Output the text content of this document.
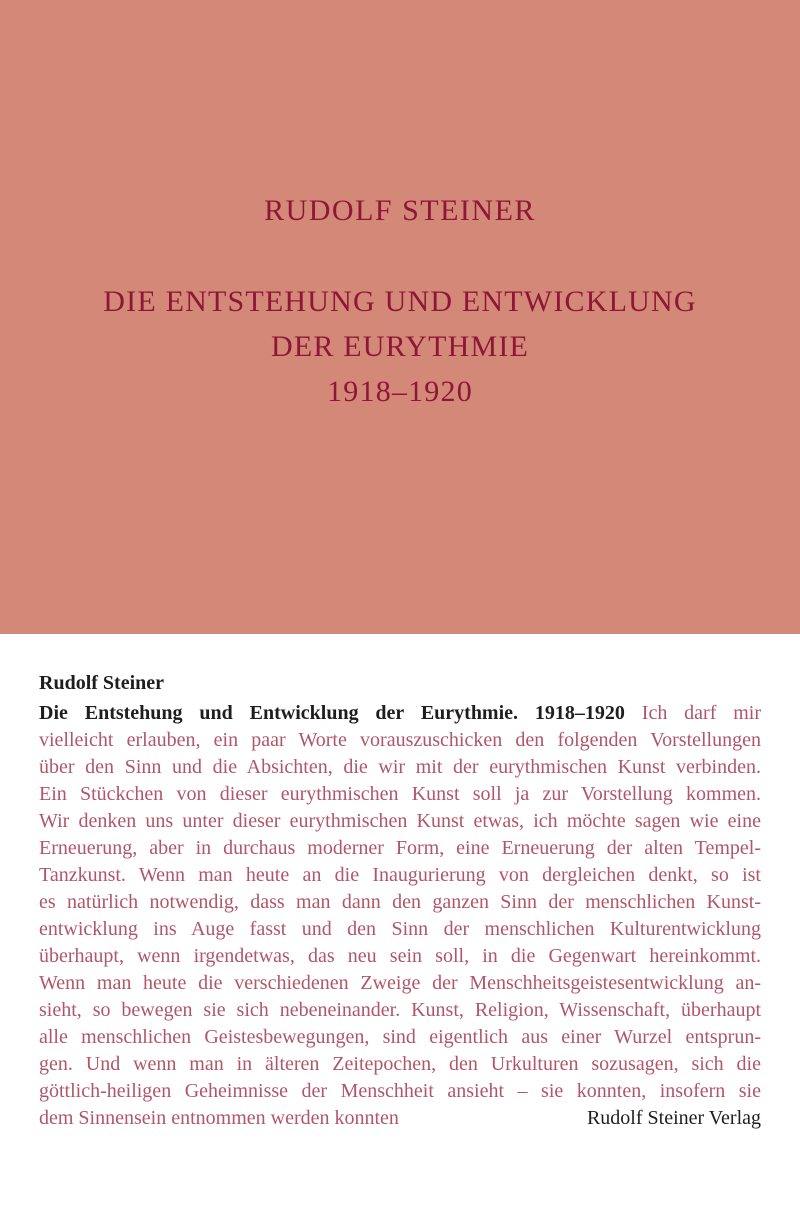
RUDOLF STEINER
DIE ENTSTEHUNG UND ENTWICKLUNG
DER EURYTHMIE
1918–1920
Rudolf Steiner
Die Entstehung und Entwicklung der Eurythmie. 1918–1920 Ich darf mir
vielleicht erlauben, ein paar Worte vorauszuschicken den folgenden Vorstellungen
über den Sinn und die Absichten, die wir mit der eurythmischen Kunst verbinden.
Ein Stückchen von dieser eurythmischen Kunst soll ja zur Vorstellung kommen.
Wir denken uns unter dieser eurythmischen Kunst etwas, ich möchte sagen wie eine
Erneuerung, aber in durchaus moderner Form, eine Erneuerung der alten Tempel-
Tanzkunst. Wenn man heute an die Inaugurierung von dergleichen denkt, so ist
es natürlich notwendig, dass man dann den ganzen Sinn der menschlichen Kunst-
entwicklung ins Auge fasst und den Sinn der menschlichen Kulturentwicklung
überhaupt, wenn irgendetwas, das neu sein soll, in die Gegenwart hereinkommt.
Wenn man heute die verschiedenen Zweige der Menschheitsgeistesentwicklung an-
sieht, so bewegen sie sich nebeneinander. Kunst, Religion, Wissenschaft, überhaupt
alle menschlichen Geistesbewegungen, sind eigentlich aus einer Wurzel entsprun-
gen. Und wenn man in älteren Zeitepochen, den Urkulturen sozusagen, sich die
göttlich-heiligen Geheimnisse der Menschheit ansieht – sie konnten, insofern sie
dem Sinnensein entnommen werden konnten	Rudolf Steiner Verlag
